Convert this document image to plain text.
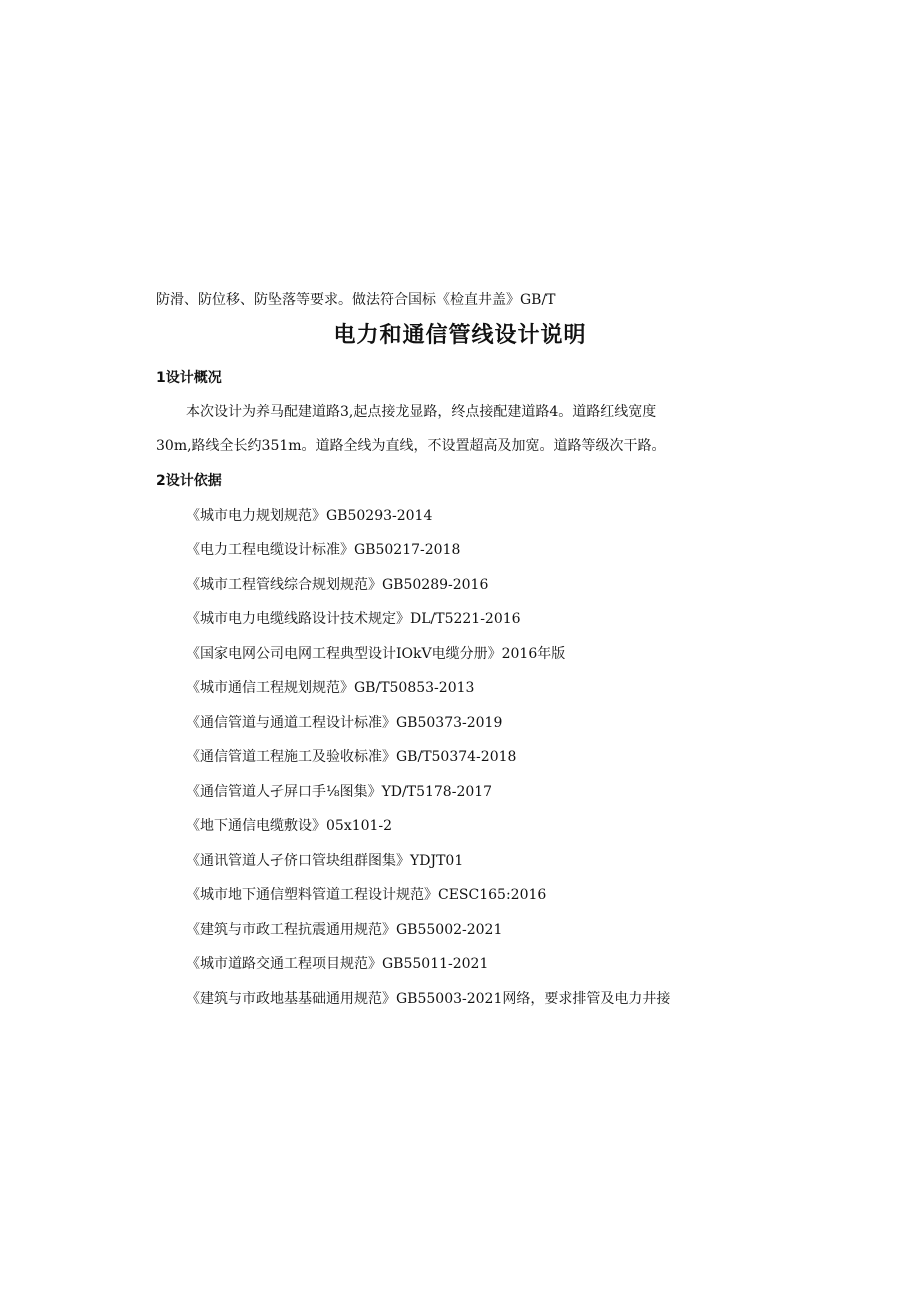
防滑、防位移、防坠落等要求。做法符合国标《检直井盖》GB/T
电力和通信管线设计说明
1设计概况
本次设计为养马配建道路3,起点接龙显路，终点接配建道路4。道路红线宽度
30m,路线全长约351m。道路全线为直线，不设置超高及加宽。道路等级次干路。
2设计依据
《城市电力规划规范》GB50293-2014
《电力工程电缆设计标准》GB50217-2018
《城市工程管线综合规划规范》GB50289-2016
《城市电力电缆线路设计技术规定》DL/T5221-2016
《国家电网公司电网工程典型设计IOkV电缆分册》2016年版
《城市通信工程规划规范》GB/T50853-2013
《通信管道与通道工程设计标准》GB50373-2019
《通信管道工程施工及验收标准》GB/T50374-2018
《通信管道人孑屏口手⅛图集》YD/T5178-2017
《地下通信电缆敷设》05x101-2
《通讯管道人孑侪口管块组群图集》YDJT01
《城市地下通信塑料管道工程设计规范》CESC165:2016
《建筑与市政工程抗震通用规范》GB55002-2021
《城市道路交通工程项目规范》GB55011-2021
《建筑与市政地基基础通用规范》GB55003-2021网络，要求排管及电力井接
